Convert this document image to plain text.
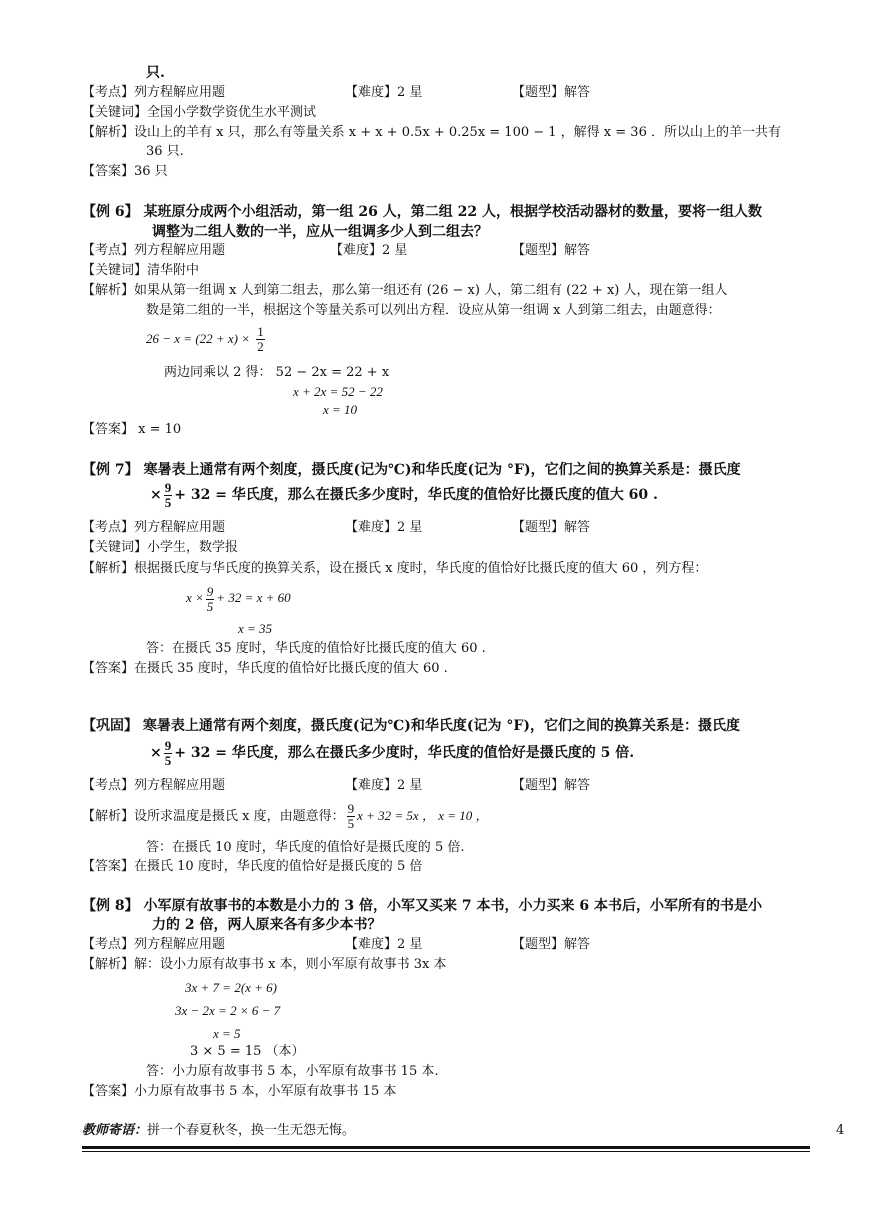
只.
【考点】列方程解应用题	【难度】2 星	【题型】解答
【关键词】全国小学数学资优生水平测试
【解析】设山上的羊有 x 只，那么有等量关系 x + x + 0.5x + 0.25x = 100 − 1 ，解得 x = 36 ．所以山上的羊一共有
36 只.
【答案】36 只
【例 6】 某班原分成两个小组活动，第一组 26 人，第二组 22 人，根据学校活动器材的数量，要将一组人数
调整为二组人数的一半，应从一组调多少人到二组去？
【考点】列方程解应用题	【难度】2 星	【题型】解答
【关键词】清华附中
【解析】如果从第一组调 x 人到第二组去，那么第一组还有 (26 − x) 人，第二组有 (22 + x) 人，现在第一组人
数是第二组的一半，根据这个等量关系可以列出方程．设应从第一组调 x 人到第二组去，由题意得：
$26 - x = (22 + x) \times \frac{1}{2}$
两边同乘以 2 得： 52 − 2x = 22 + x
x + 2x = 52 − 22
x = 10
【答案】 x = 10
【例 7】 寒暑表上通常有两个刻度，摄氏度(记为℃)和华氏度(记为 °F)，它们之间的换算关系是：摄氏度
× $\frac{9}{5} + 32$ = 华氏度，那么在摄氏多少度时，华氏度的值恰好比摄氏度的值大 60 .
【考点】列方程解应用题	【难度】2 星	【题型】解答
【关键词】小学生，数学报
【解析】根据摄氏度与华氏度的换算关系，设在摄氏 x 度时，华氏度的值恰好比摄氏度的值大 60 ，列方程：
$x \times \frac{9}{5} + 32 = x + 60$
x = 35
答：在摄氏 35 度时，华氏度的值恰好比摄氏度的值大 60 .
【答案】在摄氏 35 度时，华氏度的值恰好比摄氏度的值大 60 .
【巩固】 寒暑表上通常有两个刻度，摄氏度(记为℃)和华氏度(记为 °F)，它们之间的换算关系是：摄氏度
× $\frac{9}{5} + 32$ = 华氏度，那么在摄氏多少度时，华氏度的值恰好是摄氏度的 5 倍.
【考点】列方程解应用题	【难度】2 星	【题型】解答
【解析】设所求温度是摄氏 x 度，由题意得： $\frac{9}{5}$ x + 32 = 5x ， x = 10 ，
答：在摄氏 10 度时，华氏度的值恰好是摄氏度的 5 倍.
【答案】在摄氏 10 度时，华氏度的值恰好是摄氏度的 5 倍
【例 8】 小军原有故事书的本数是小力的 3 倍，小军又买来 7 本书，小力买来 6 本书后，小军所有的书是小
力的 2 倍，两人原来各有多少本书？
【考点】列方程解应用题	【难度】2 星	【题型】解答
【解析】解：设小力原有故事书 x 本，则小军原有故事书 3x 本
3x + 7 = 2(x + 6)
3x − 2x = 2 × 6 − 7
x = 5
3 × 5 = 15 （本）
答：小力原有故事书 5 本，小军原有故事书 15 本.
【答案】小力原有故事书 5 本，小军原有故事书 15 本
教师寄语：拼一个春夏秋冬，换一生无怨无悔。	4
